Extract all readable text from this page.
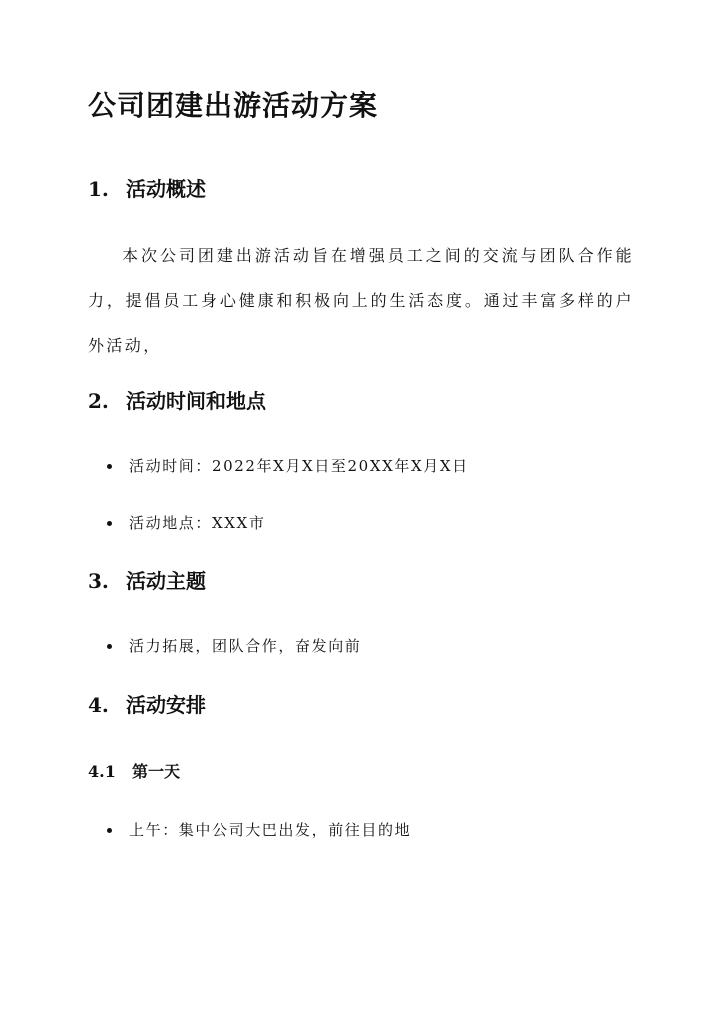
公司团建出游活动方案
1. 活动概述
本次公司团建出游活动旨在增强员工之间的交流与团队合作能力，提倡员工身心健康和积极向上的生活态度。通过丰富多样的户外活动，
2. 活动时间和地点
活动时间：2022年X月X日至20XX年X月X日
活动地点：XXX市
3. 活动主题
活力拓展，团队合作，奋发向前
4. 活动安排
4.1 第一天
上午：集中公司大巴出发，前往目的地
